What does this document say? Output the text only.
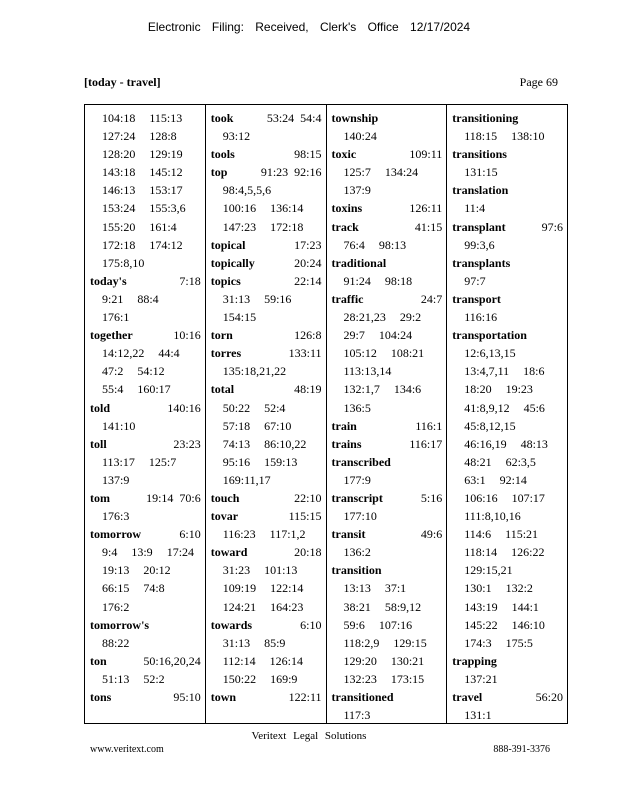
Electronic Filing: Received, Clerk's Office 12/17/2024
[today - travel]	Page 69
104:18 115:13
127:24 128:8
128:20 129:19
143:18 145:12
146:13 153:17
153:24 155:3,6
155:20 161:4
172:18 174:12
175:8,10
today's	7:18
9:21 88:4
176:1
together	10:16
14:12,22 44:4
47:2 54:12
55:4 160:17
told	140:16
141:10
toll	23:23
113:17 125:7
137:9
tom	19:14  70:6
176:3
tomorrow	6:10
9:4 13:9 17:24
19:13 20:12
66:15 74:8
176:2
tomorrow's
88:22
ton	50:16,20,24
51:13 52:2
tons	95:10
took	53:24  54:4
93:12
tools	98:15
top	91:23  92:16
98:4,5,5,6
100:16 136:14
147:23 172:18
topical	17:23
topically	20:24
topics	22:14
31:13 59:16
154:15
torn	126:8
torres	133:11
135:18,21,22
total	48:19
50:22 52:4
57:18 67:10
74:13 86:10,22
95:16 159:13
169:11,17
touch	22:10
tovar	115:15
116:23 117:1,2
toward	20:18
31:23 101:13
109:19 122:14
124:21 164:23
towards	6:10
31:13 85:9
112:14 126:14
150:22 169:9
town	122:11
township
140:24
toxic	109:11
125:7 134:24
137:9
toxins	126:11
track	41:15
76:4 98:13
traditional
91:24 98:18
traffic	24:7
28:21,23 29:2
29:7 104:24
105:12 108:21
113:13,14
132:1,7 134:6
136:5
train	116:1
trains	116:17
transcribed
177:9
transcript	5:16
177:10
transit	49:6
136:2
transition
13:13 37:1
38:21 58:9,12
59:6 107:16
118:2,9 129:15
129:20 130:21
132:23 173:15
transitioned
117:3
transitioning
118:15 138:10
transitions
131:15
translation
11:4
transplant	97:6
99:3,6
transplants
97:7
transport
116:16
transportation
12:6,13,15
13:4,7,11 18:6
18:20 19:23
41:8,9,12 45:6
45:8,12,15
46:16,19 48:13
48:21 62:3,5
63:1 92:14
106:16 107:17
111:8,10,16
114:6 115:21
118:14 126:22
129:15,21
130:1 132:2
143:19 144:1
145:22 146:10
174:3 175:5
trapping
137:21
travel	56:20
131:1
Veritext Legal Solutions
www.veritext.com	888-391-3376
